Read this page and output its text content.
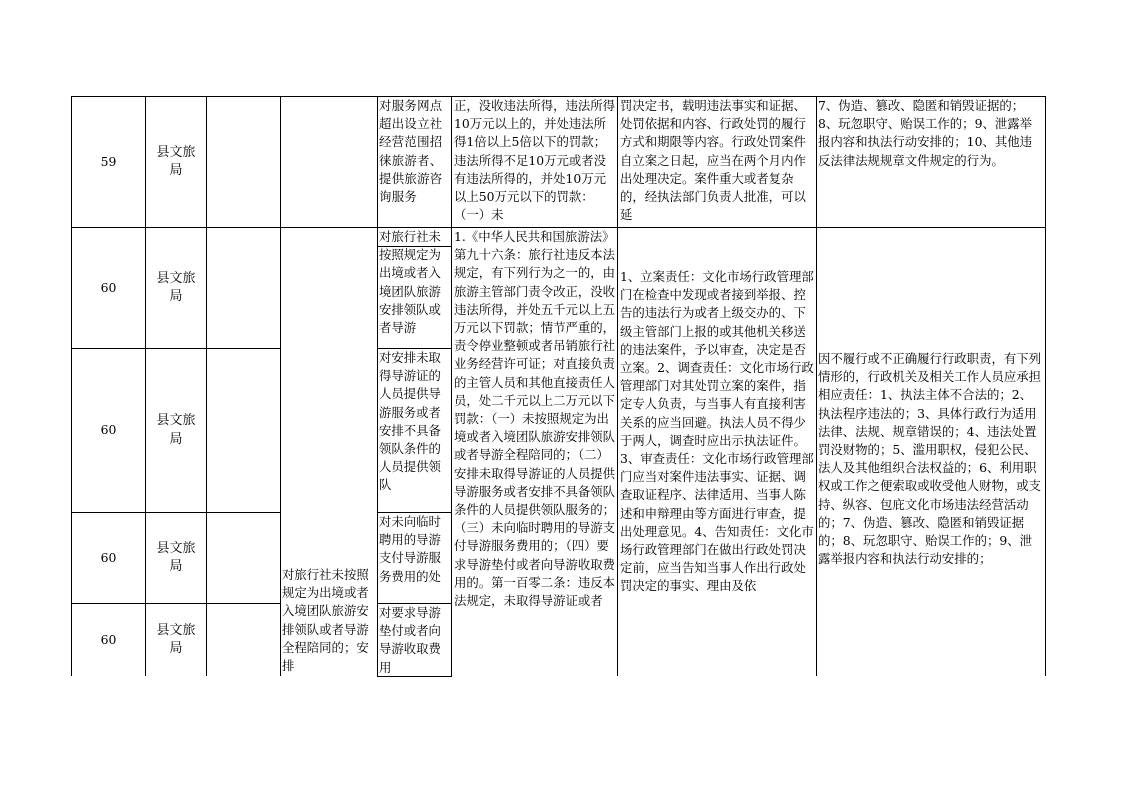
59
县文旅局
对服务网点超出设立社经营范围招徕旅游者、提供旅游咨询服务
正，没收违法所得，违法所得10万元以上的，并处违法所得1倍以上5倍以下的罚款；违法所得不足10万元或者没有违法所得的，并处10万元以上50万元以下的罚款：（一）未
罚决定书，载明违法事实和证据、处罚依据和内容、行政处罚的履行方式和期限等内容。行政处罚案件自立案之日起，应当在两个月内作出处理决定。案件重大或者复杂的，经执法部门负责人批准，可以延
7、伪造、篡改、隐匿和销毁证据的；8、玩忽职守、贻误工作的；9、泄露举报内容和执法行动安排的；10、其他违反法律法规规章文件规定的行为。
60
县文旅局
对旅行社未按照规定为出境或者入境团队旅游安排领队或者导游
60
县文旅局
对安排未取得导游证的人员提供导游服务或者安排不具备领队条件的人员提供领队
60
县文旅局
对未向临时聘用的导游支付导游服务费用的处
60
县文旅局
对要求导游垫付或者向导游收取费用
对旅行社未按照规定为出境或者入境团队旅游安排领队或者导游全程陪同的；安排
1.《中华人民共和国旅游法》第九十六条：旅行社违反本法规定，有下列行为之一的，由旅游主管部门责令改正，没收违法所得，并处五千元以上五万元以下罚款；情节严重的，责令停业整顿或者吊销旅行社业务经营许可证；对直接负责的主管人员和其他直接责任人员，处二千元以上二万元以下罚款：（一）未按照规定为出境或者入境团队旅游安排领队或者导游全程陪同的；（二）安排未取得导游证的人员提供导游服务或者安排不具备领队条件的人员提供领队服务的；（三）未向临时聘用的导游支付导游服务费用的；（四）要求导游垫付或者向导游收取费用的。第一百零二条：违反本法规定，未取得导游证或者
1、立案责任：文化市场行政管理部门在检查中发现或者接到举报、控告的违法行为或者上级交办的、下级主管部门上报的或其他机关移送的违法案件，予以审查，决定是否立案。2、调查责任：文化市场行政管理部门对其处罚立案的案件，指定专人负责，与当事人有直接利害关系的应当回避。执法人员不得少于两人，调查时应出示执法证件。3、审查责任：文化市场行政管理部门应当对案件违法事实、证据、调查取证程序、法律适用、当事人陈述和申辩理由等方面进行审查，提出处理意见。4、告知责任：文化市场行政管理部门在做出行政处罚决定前，应当告知当事人作出行政处罚决定的事实、理由及依
因不履行或不正确履行行政职责，有下列情形的，行政机关及相关工作人员应承担相应责任：1、执法主体不合法的；2、执法程序违法的；3、具体行政行为适用法律、法规、规章错误的；4、违法处置罚没财物的；5、滥用职权，侵犯公民、法人及其他组织合法权益的；6、利用职权或工作之便索取或收受他人财物，或支持、纵容、包庇文化市场违法经营活动的；7、伪造、篡改、隐匿和销毁证据的；8、玩忽职守、贻误工作的；9、泄露举报内容和执法行动安排的；
